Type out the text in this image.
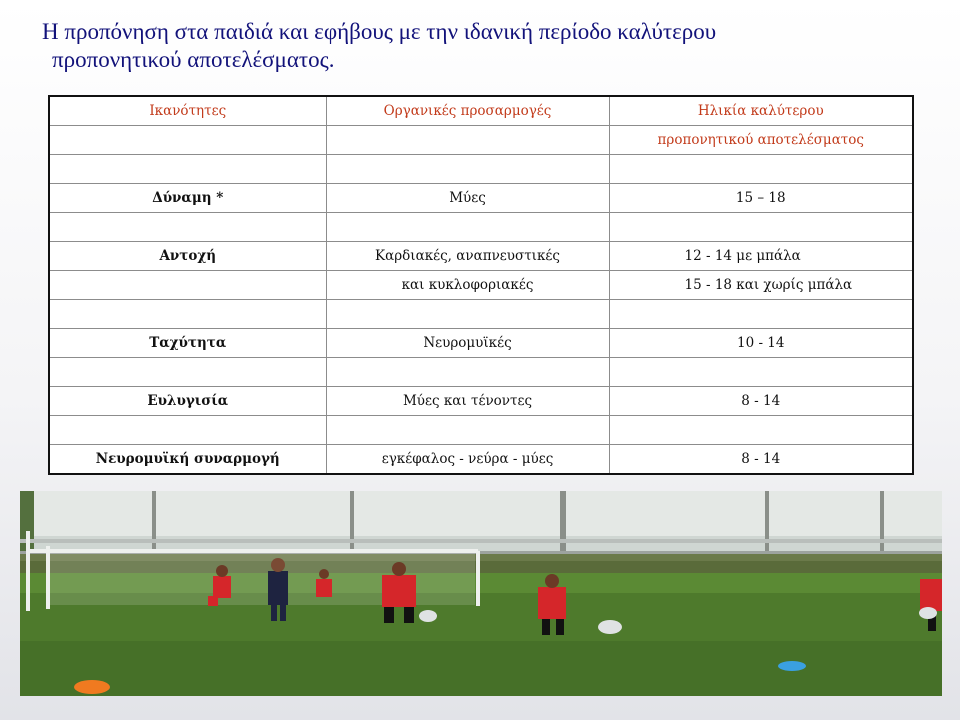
Η προπόνηση στα παιδιά και εφήβους με την ιδανική περίοδο καλύτερου
προπονητικού αποτελέσματος.
Ικανότητες	Οργανικές προσαρμογές	Ηλικία καλύτερου
		προπονητικού αποτελέσματος

Δύναμη *	Μύες	15 – 18

Αντοχή	Καρδιακές, αναπνευστικές	12 - 14 με μπάλα
	και κυκλοφοριακές	15 - 18 και χωρίς μπάλα

Ταχύτητα	Νευρομυϊκές	10 - 14

Ευλυγισία	Μύες και τένοντες	8 - 14

Νευρομυϊκή συναρμογή	εγκέφαλος - νεύρα - μύες	8 - 14
